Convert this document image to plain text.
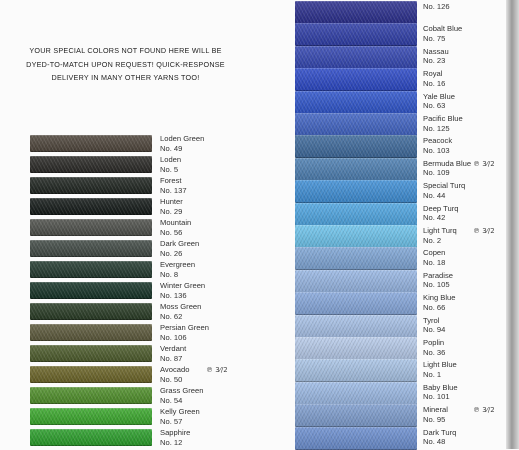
YOUR SPECIAL COLORS NOT FOUND HERE WILL BE
DYED-TO-MATCH UPON REQUEST! QUICK-RESPONSE
DELIVERY IN MANY OTHER YARNS TOO!
Loden Green
No. 49
Loden
No. 5
Forest
No. 137
Hunter
No. 29
Mountain
No. 56
Dark Green
No. 26
Evergreen
No. 8
Winter Green
No. 136
Moss Green
No. 62
Persian Green
No. 106
Verdant
No. 87
Avocado
No. 50
℗ 3⁄/2
Grass Green
No. 54
Kelly Green
No. 57
Sapphire
No. 12
No. 126
Cobalt Blue
No. 75
Nassau
No. 23
Royal
No. 16
Yale Blue
No. 63
Pacific Blue
No. 125
Peacock
No. 103
Bermuda Blue
No. 109
℗ 3⁄/2
Special Turq
No. 44
Deep Turq
No. 42
Light Turq
No. 2
℗ 3⁄/2
Copen
No. 18
Paradise
No. 105
King Blue
No. 66
Tyrol
No. 94
Poplin
No. 36
Light Blue
No. 1
Baby Blue
No. 101
Mineral
No. 95
℗ 3⁄/2
Dark Turq
No. 48
